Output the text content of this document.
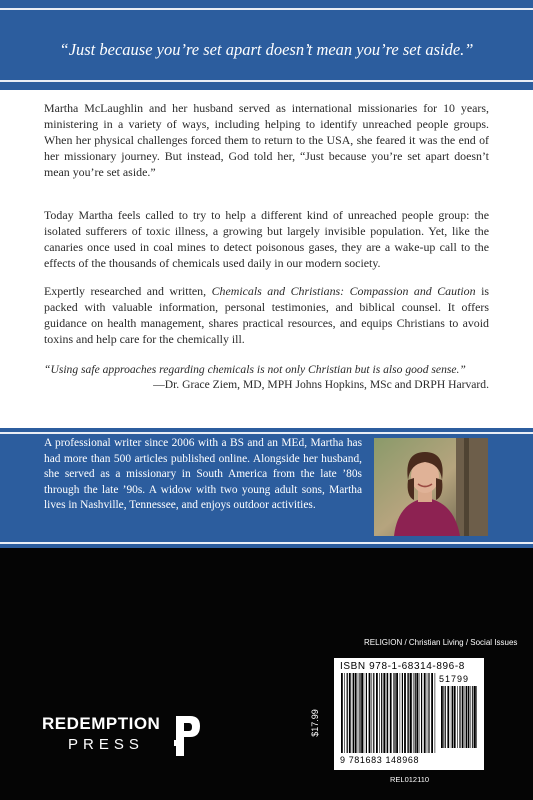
“Just because you’re set apart doesn’t mean you’re set aside.”

Martha McLaughlin and her husband served as international missionaries for 10 years, ministering in a variety of ways, including helping to identify unreached people groups. When her physical challenges forced them to return to the USA, she feared it was the end of her missionary journey. But instead, God told her, “Just because you’re set apart doesn’t mean you’re set aside.”

Today Martha feels called to try to help a different kind of unreached people group: the isolated sufferers of toxic illness, a growing but largely invisible population. Yet, like the canaries once used in coal mines to detect poisonous gases, they are a wake-up call to the effects of the thousands of chemicals used daily in our modern society.

Expertly researched and written, Chemicals and Christians: Compassion and Caution is packed with valuable information, personal testimonies, and biblical counsel. It offers guidance on health management, shares practical resources, and equips Christians to avoid toxins and help care for the chemically ill.

“Using safe approaches regarding chemicals is not only Christian but is also good sense.”
—Dr. Grace Ziem, MD, MPH Johns Hopkins, MSc and DRPH Harvard.

A professional writer since 2006 with a BS and an MEd, Martha has had more than 500 articles published online. Alongside her husband, she served as a missionary in South America from the late ’80s through the late ’90s. A widow with two young adult sons, Martha lives in Nashville, Tennessee, and enjoys outdoor activities.

REDEMPTION
PRESS
$17.99
RELIGION / Christian Living / Social Issues
ISBN 978-1-68314-896-8
51799
9 781683 148968
REL012110
